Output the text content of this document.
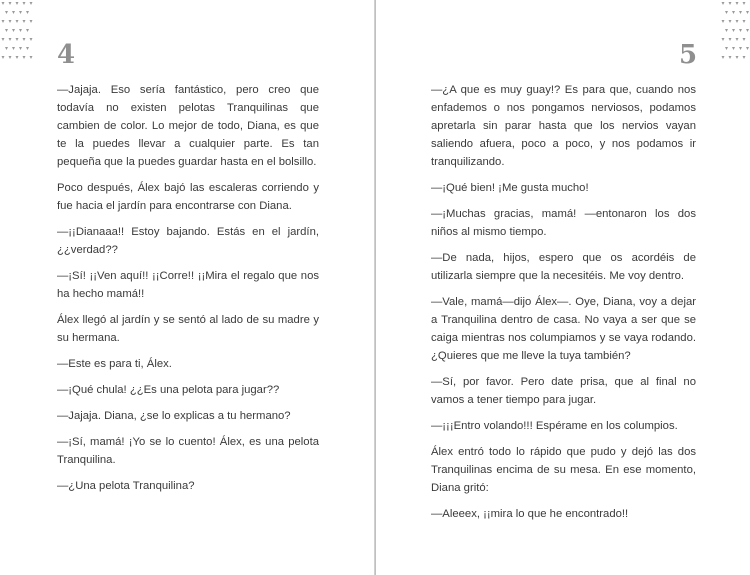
4

—Jajaja. Eso sería fantástico, pero creo que todavía no existen pelotas Tranquilinas que cambien de color. Lo mejor de todo, Diana, es que te la puedes llevar a cualquier parte. Es tan pequeña que la puedes guardar hasta en el bolsillo.

Poco después, Álex bajó las escaleras corriendo y fue hacia el jardín para encontrarse con Diana.

—¡¡Dianaaa!! Estoy bajando. Estás en el jardín, ¿¿verdad??

—¡Sí! ¡¡Ven aquí!! ¡¡Corre!! ¡¡Mira el regalo que nos ha hecho mamá!!

Álex llegó al jardín y se sentó al lado de su madre y su hermana.

—Este es para ti, Álex.

—¡Qué chula! ¿¿Es una pelota para jugar??

—Jajaja. Diana, ¿se lo explicas a tu hermano?

—¡Sí, mamá! ¡Yo se lo cuento! Álex, es una pelota Tranquilina.

—¿Una pelota Tranquilina?

5

—¿A que es muy guay!? Es para que, cuando nos enfademos o nos pongamos nerviosos, podamos apretarla sin parar hasta que los nervios vayan saliendo afuera, poco a poco, y nos podamos ir tranquilizando.

—¡Qué bien! ¡Me gusta mucho!

—¡Muchas gracias, mamá! —entonaron los dos niños al mismo tiempo.

—De nada, hijos, espero que os acordéis de utilizarla siempre que la necesitéis. Me voy dentro.

—Vale, mamá—dijo Álex—. Oye, Diana, voy a dejar a Tranquilina dentro de casa. No vaya a ser que se caiga mientras nos columpiamos y se vaya rodando. ¿Quieres que me lleve la tuya también?

—Sí, por favor. Pero date prisa, que al final no vamos a tener tiempo para jugar.

—¡¡¡Entro volando!!! Espérame en los columpios.

Álex entró todo lo rápido que pudo y dejó las dos Tranquilinas encima de su mesa. En ese momento, Diana gritó:

—Aleeex, ¡¡mira lo que he encontrado!!
